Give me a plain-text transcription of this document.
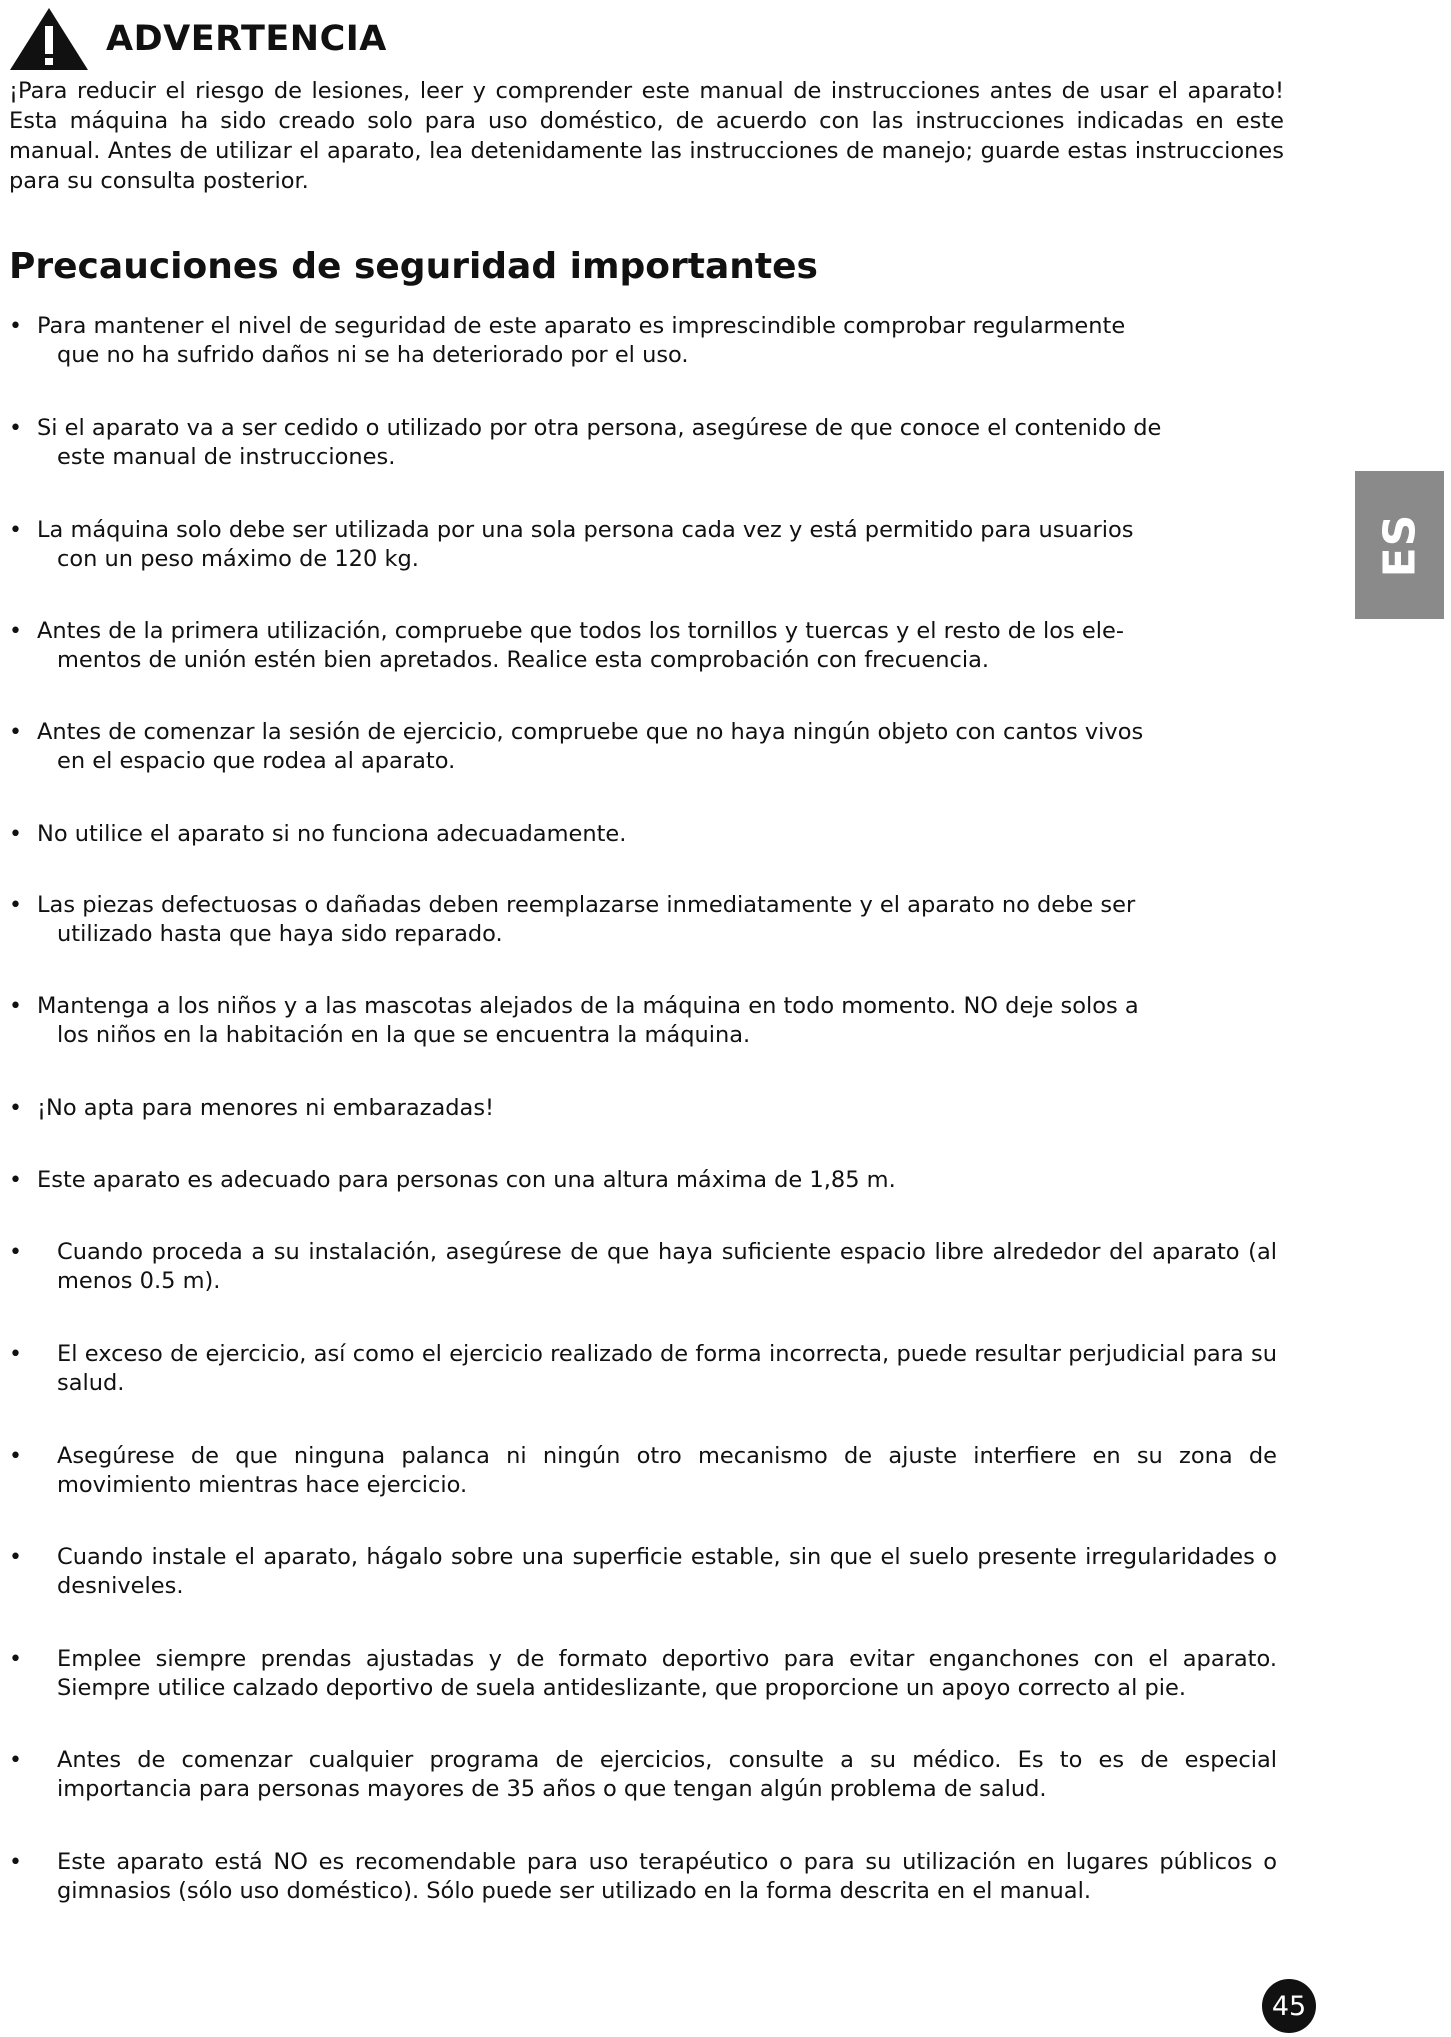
ADVERTENCIA

¡Para reducir el riesgo de lesiones, leer y comprender este manual de instrucciones antes de usar el aparato! Esta máquina ha sido creado solo para uso doméstico, de acuerdo con las instrucciones indicadas en este manual. Antes de utilizar el aparato, lea detenidamente las instrucciones de manejo; guarde estas instrucciones para su consulta posterior.

Precauciones de seguridad importantes
• Para mantener el nivel de seguridad de este aparato es imprescindible comprobar regularmente
que no ha sufrido daños ni se ha deteriorado por el uso.
• Si el aparato va a ser cedido o utilizado por otra persona, asegúrese de que conoce el contenido de
este manual de instrucciones.
• La máquina solo debe ser utilizada por una sola persona cada vez y está permitido para usuarios
con un peso máximo de 120 kg.
• Antes de la primera utilización, compruebe que todos los tornillos y tuercas y el resto de los ele-
mentos de unión estén bien apretados. Realice esta comprobación con frecuencia.
• Antes de comenzar la sesión de ejercicio, compruebe que no haya ningún objeto con cantos vivos
en el espacio que rodea al aparato.
• No utilice el aparato si no funciona adecuadamente.
• Las piezas defectuosas o dañadas deben reemplazarse inmediatamente y el aparato no debe ser
utilizado hasta que haya sido reparado.
• Mantenga a los niños y a las mascotas alejados de la máquina en todo momento. NO deje solos a
los niños en la habitación en la que se encuentra la máquina.
• ¡No apta para menores ni embarazadas!
• Este aparato es adecuado para personas con una altura máxima de 1,85 m.
•	Cuando proceda a su instalación, asegúrese de que haya suficiente espacio libre alrededor del aparato (al menos 0.5 m).
•	El exceso de ejercicio, así como el ejercicio realizado de forma incorrecta, puede resultar perjudicial para su salud.
•	Asegúrese de que ninguna palanca ni ningún otro mecanismo de ajuste interfiere en su zona de movimiento mientras hace ejercicio.
•	Cuando instale el aparato, hágalo sobre una superficie estable, sin que el suelo presente irregularidades o desniveles.
•	Emplee siempre prendas ajustadas y de formato deportivo para evitar enganchones con el aparato. Siempre utilice calzado deportivo de suela antideslizante, que proporcione un apoyo correcto al pie.
•	Antes de comenzar cualquier programa de ejercicios, consulte a su médico. Es to es de especial importancia para personas mayores de 35 años o que tengan algún problema de salud.
•	Este aparato está NO es recomendable para uso terapéutico o para su utilización en lugares públicos o gimnasios (sólo uso doméstico). Sólo puede ser utilizado en la forma descrita en el manual.
ES
45
